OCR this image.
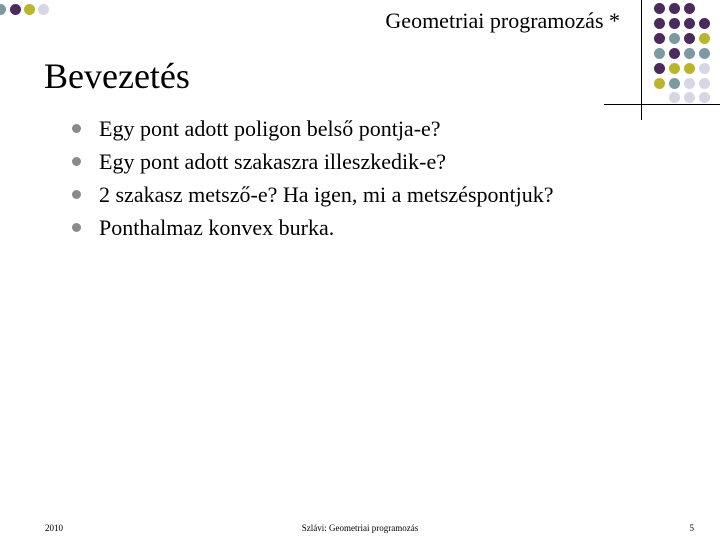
Geometriai programozás *
Bevezetés
Egy pont adott poligon belső pontja-e?
Egy pont adott szakaszra illeszkedik-e?
2 szakasz metsző-e? Ha igen, mi a metszéspontjuk?
Ponthalmaz konvex burka.
2010	Szlávi: Geometriai programozás	5
